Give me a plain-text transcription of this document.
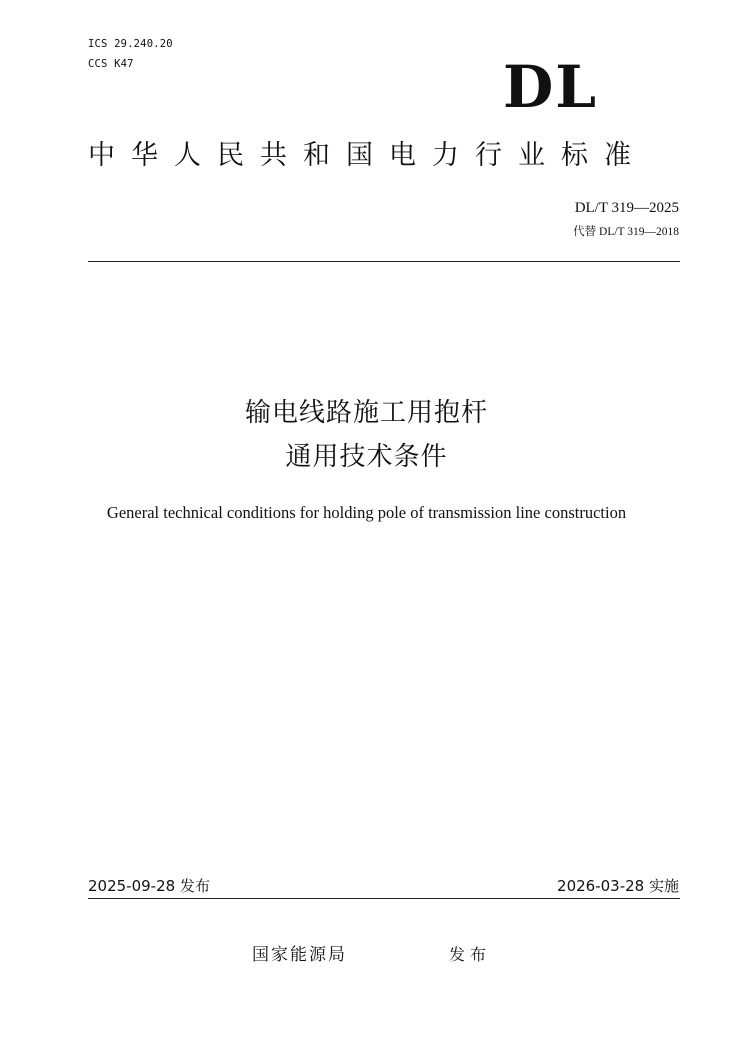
ICS 29.240.20
CCS K47	DL
中华人民共和国电力行业标准
DL/T 319—2025
代替 DL/T 319—2018
输电线路施工用抱杆
通用技术条件
General technical conditions for holding pole of transmission line construction
2025-09-28 发布	2026-03-28 实施
国家能源局	发布
